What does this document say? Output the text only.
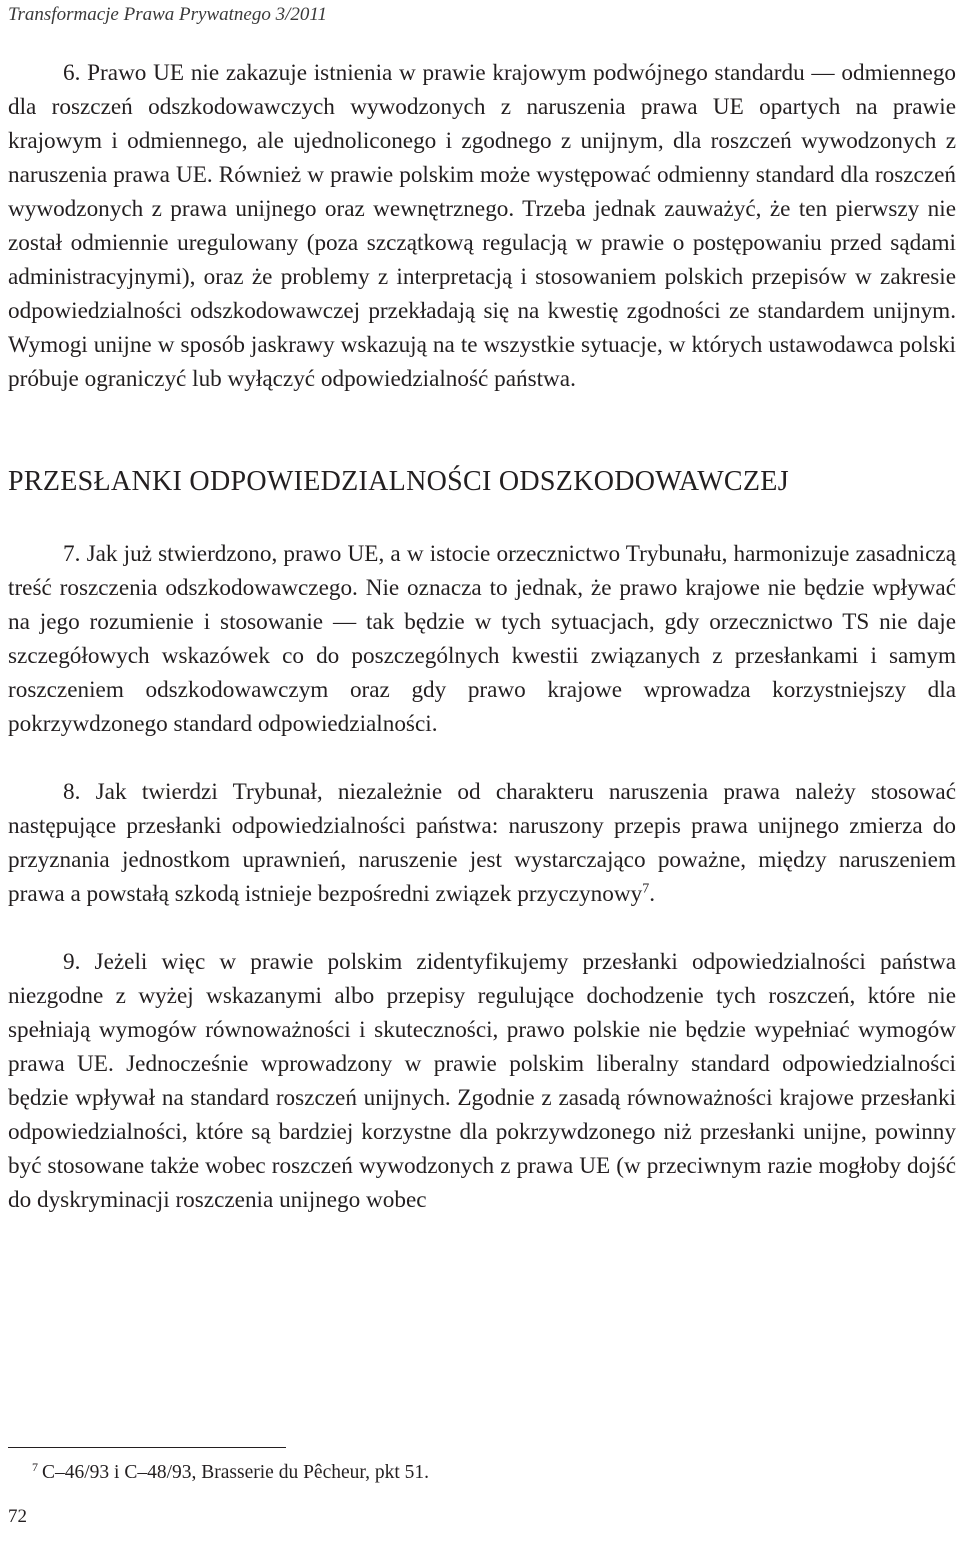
Transformacje Prawa Prywatnego 3/2011

6. Prawo UE nie zakazuje istnienia w prawie krajowym podwójnego standardu — odmiennego dla roszczeń odszkodowawczych wywodzonych z naruszenia prawa UE opartych na prawie krajowym i odmiennego, ale ujednoliconego i zgodnego z unijnym, dla roszczeń wywodzonych z naruszenia prawa UE. Również w prawie polskim może występować odmienny standard dla roszczeń wywodzonych z prawa unijnego oraz wewnętrznego. Trzeba jednak zauważyć, że ten pierwszy nie został odmiennie uregulowany (poza szczątkową regulacją w prawie o postępowaniu przed sądami administracyjnymi), oraz że problemy z interpretacją i stosowaniem polskich przepisów w zakresie odpowiedzialności odszkodowawczej przekładają się na kwestię zgodności ze standardem unijnym. Wymogi unijne w sposób jaskrawy wskazują na te wszystkie sytuacje, w których ustawodawca polski próbuje ograniczyć lub wyłączyć odpowiedzialność państwa.

PRZESŁANKI ODPOWIEDZIALNOŚCI ODSZKODOWAWCZEJ

7. Jak już stwierdzono, prawo UE, a w istocie orzecznictwo Trybunału, harmonizuje zasadniczą treść roszczenia odszkodowawczego. Nie oznacza to jednak, że prawo krajowe nie będzie wpływać na jego rozumienie i stosowanie — tak będzie w tych sytuacjach, gdy orzecznictwo TS nie daje szczegółowych wskazówek co do poszczególnych kwestii związanych z przesłankami i samym roszczeniem odszkodowawczym oraz gdy prawo krajowe wprowadza korzystniejszy dla pokrzywdzonego standard odpowiedzialności.

8. Jak twierdzi Trybunał, niezależnie od charakteru naruszenia prawa należy stosować następujące przesłanki odpowiedzialności państwa: naruszony przepis prawa unijnego zmierza do przyznania jednostkom uprawnień, naruszenie jest wystarczająco poważne, między naruszeniem prawa a powstałą szkodą istnieje bezpośredni związek przyczynowy$^7$.

9. Jeżeli więc w prawie polskim zidentyfikujemy przesłanki odpowiedzialności państwa niezgodne z wyżej wskazanymi albo przepisy regulujące dochodzenie tych roszczeń, które nie spełniają wymogów równoważności i skuteczności, prawo polskie nie będzie wypełniać wymogów prawa UE. Jednocześnie wprowadzony w prawie polskim liberalny standard odpowiedzialności będzie wpływał na standard roszczeń unijnych. Zgodnie z zasadą równoważności krajowe przesłanki odpowiedzialności, które są bardziej korzystne dla pokrzywdzonego niż przesłanki unijne, powinny być stosowane także wobec roszczeń wywodzonych z prawa UE (w przeciwnym razie mogłoby dojść do dyskryminacji roszczenia unijnego wobec

$^7$ C–46/93 i C–48/93, Brasserie du Pêcheur, pkt 51.
72
